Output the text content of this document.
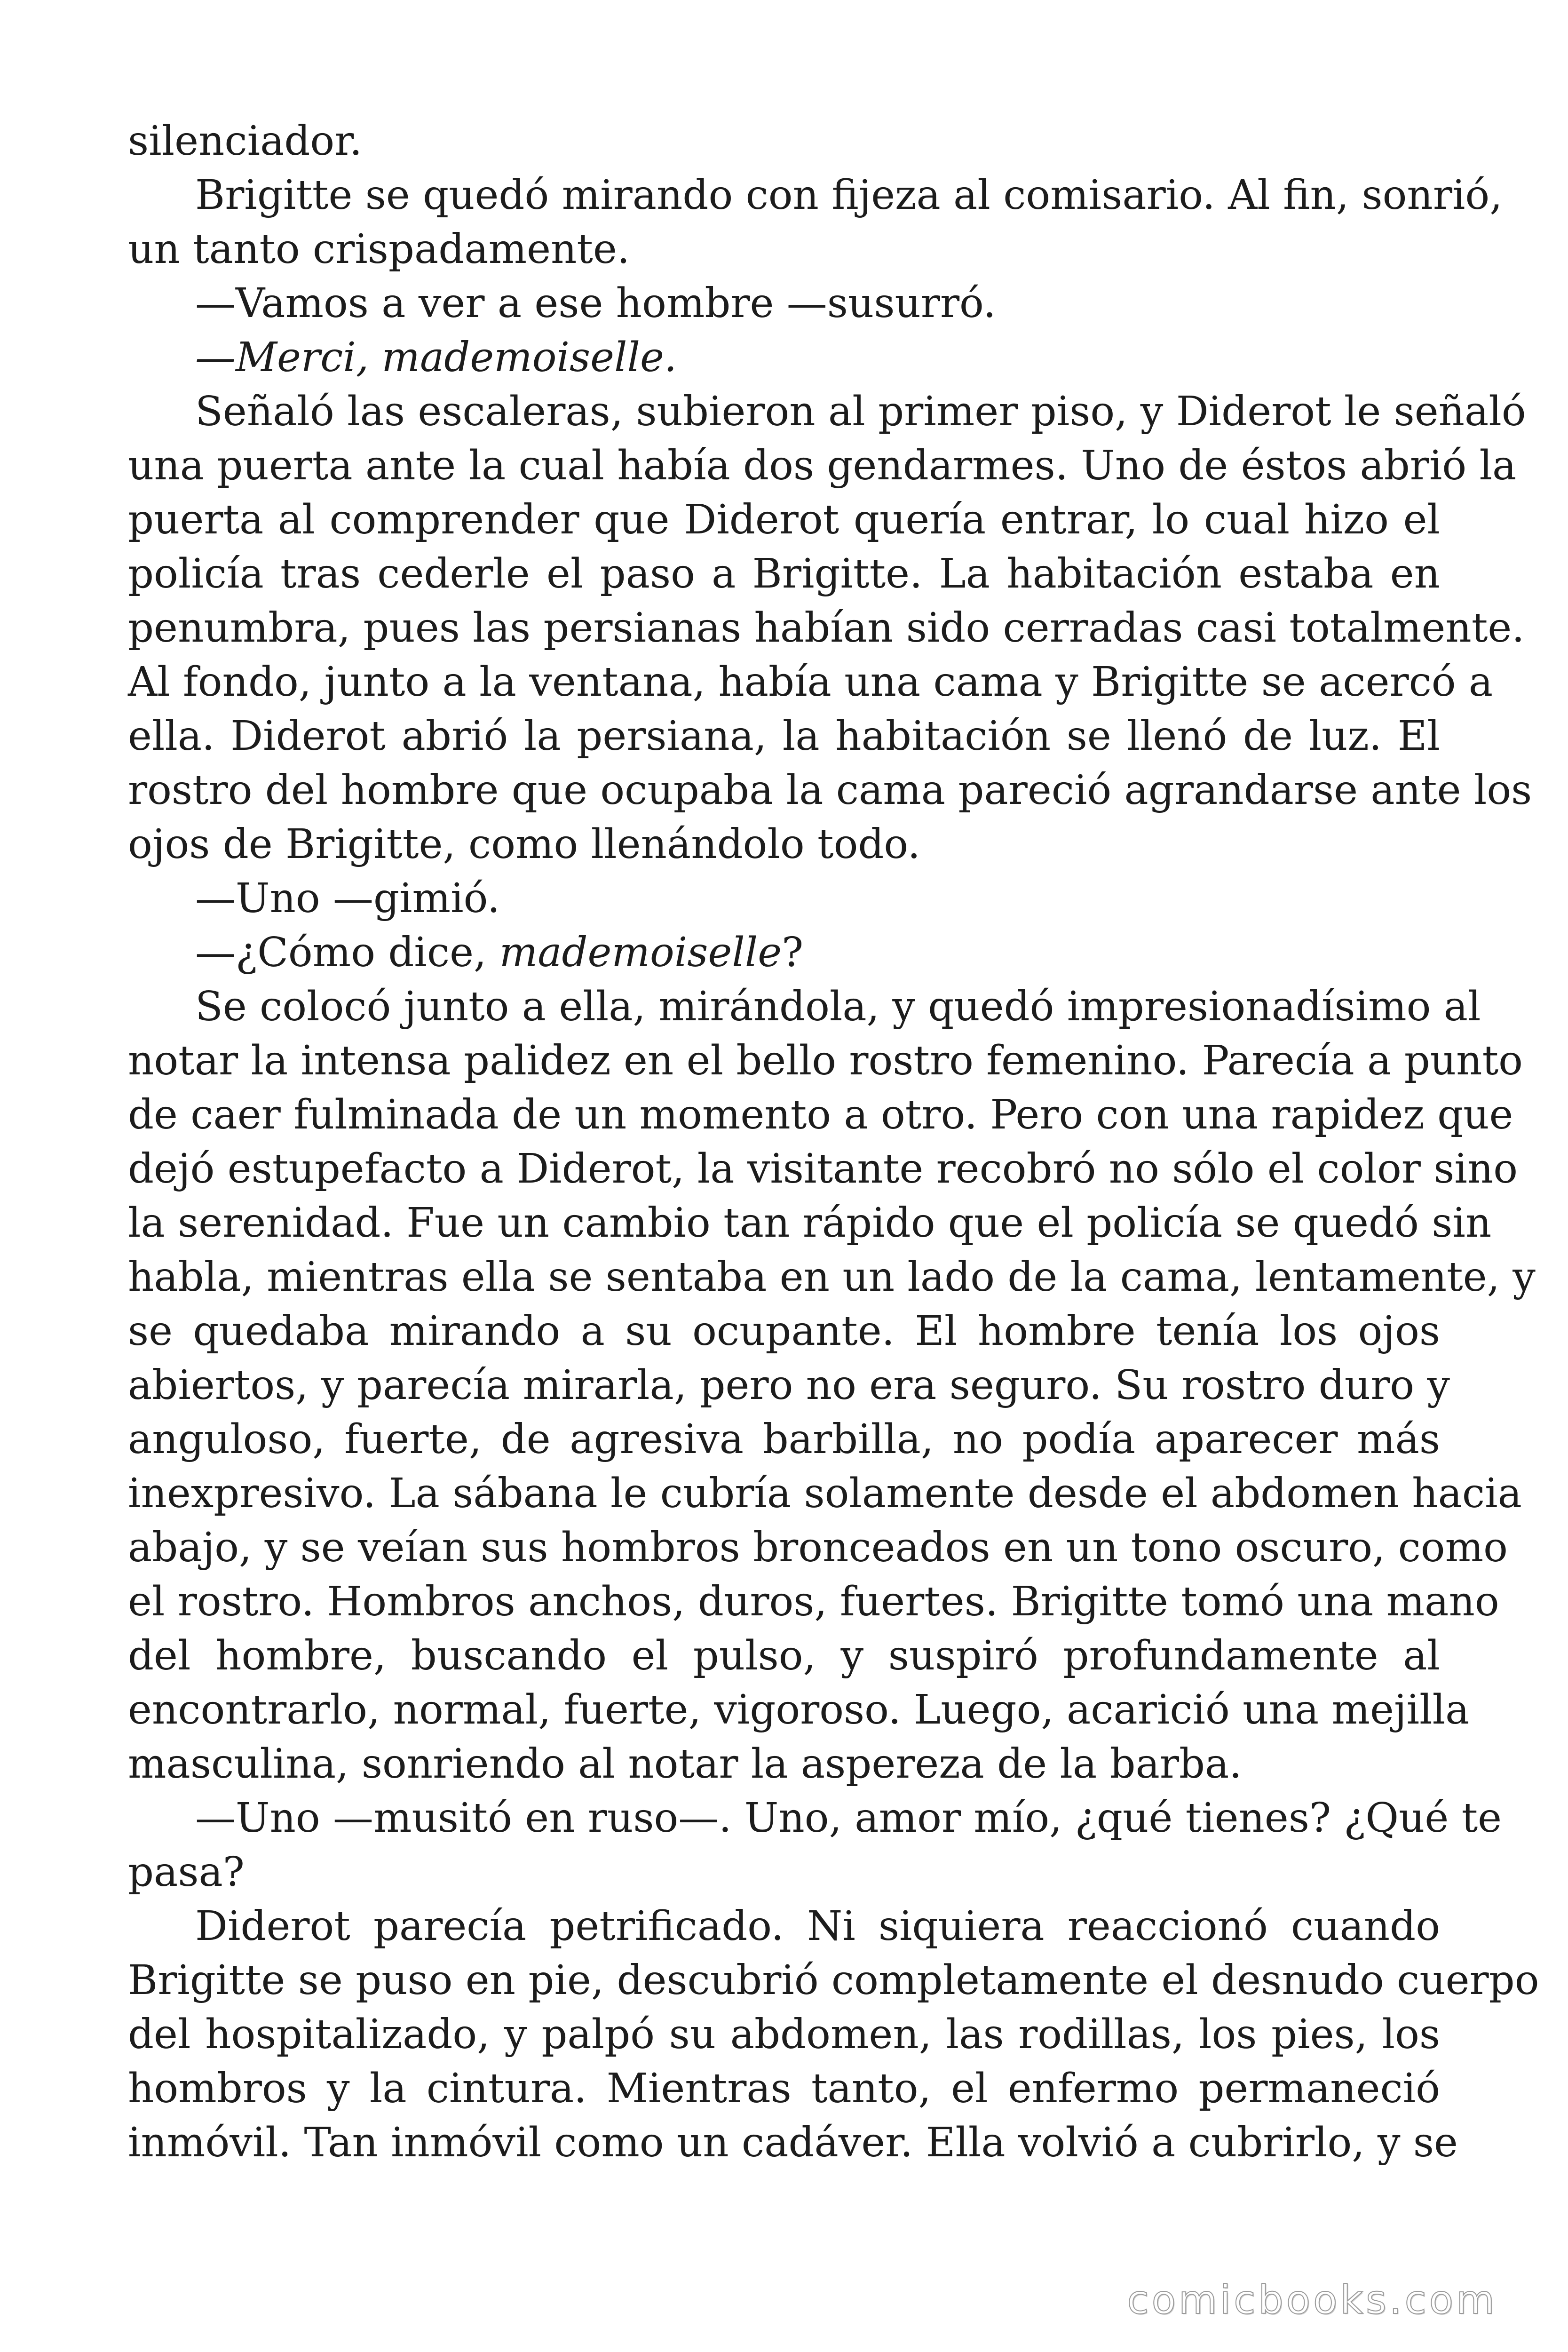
silenciador.
Brigitte se quedó mirando con fijeza al comisario. Al fin, sonrió,
un tanto crispadamente.
—Vamos a ver a ese hombre —susurró.
—Merci, mademoiselle.
Señaló las escaleras, subieron al primer piso, y Diderot le señaló
una puerta ante la cual había dos gendarmes. Uno de éstos abrió la
puerta al comprender que Diderot quería entrar, lo cual hizo el
policía tras cederle el paso a Brigitte. La habitación estaba en
penumbra, pues las persianas habían sido cerradas casi totalmente.
Al fondo, junto a la ventana, había una cama y Brigitte se acercó a
ella. Diderot abrió la persiana, la habitación se llenó de luz. El
rostro del hombre que ocupaba la cama pareció agrandarse ante los
ojos de Brigitte, como llenándolo todo.
—Uno —gimió.
—¿Cómo dice, mademoiselle?
Se colocó junto a ella, mirándola, y quedó impresionadísimo al
notar la intensa palidez en el bello rostro femenino. Parecía a punto
de caer fulminada de un momento a otro. Pero con una rapidez que
dejó estupefacto a Diderot, la visitante recobró no sólo el color sino
la serenidad. Fue un cambio tan rápido que el policía se quedó sin
habla, mientras ella se sentaba en un lado de la cama, lentamente, y
se quedaba mirando a su ocupante. El hombre tenía los ojos
abiertos, y parecía mirarla, pero no era seguro. Su rostro duro y
anguloso, fuerte, de agresiva barbilla, no podía aparecer más
inexpresivo. La sábana le cubría solamente desde el abdomen hacia
abajo, y se veían sus hombros bronceados en un tono oscuro, como
el rostro. Hombros anchos, duros, fuertes. Brigitte tomó una mano
del hombre, buscando el pulso, y suspiró profundamente al
encontrarlo, normal, fuerte, vigoroso. Luego, acarició una mejilla
masculina, sonriendo al notar la aspereza de la barba.
—Uno —musitó en ruso—. Uno, amor mío, ¿qué tienes? ¿Qué te
pasa?
Diderot parecía petrificado. Ni siquiera reaccionó cuando
Brigitte se puso en pie, descubrió completamente el desnudo cuerpo
del hospitalizado, y palpó su abdomen, las rodillas, los pies, los
hombros y la cintura. Mientras tanto, el enfermo permaneció
inmóvil. Tan inmóvil como un cadáver. Ella volvió a cubrirlo, y se
comicbooks.com
